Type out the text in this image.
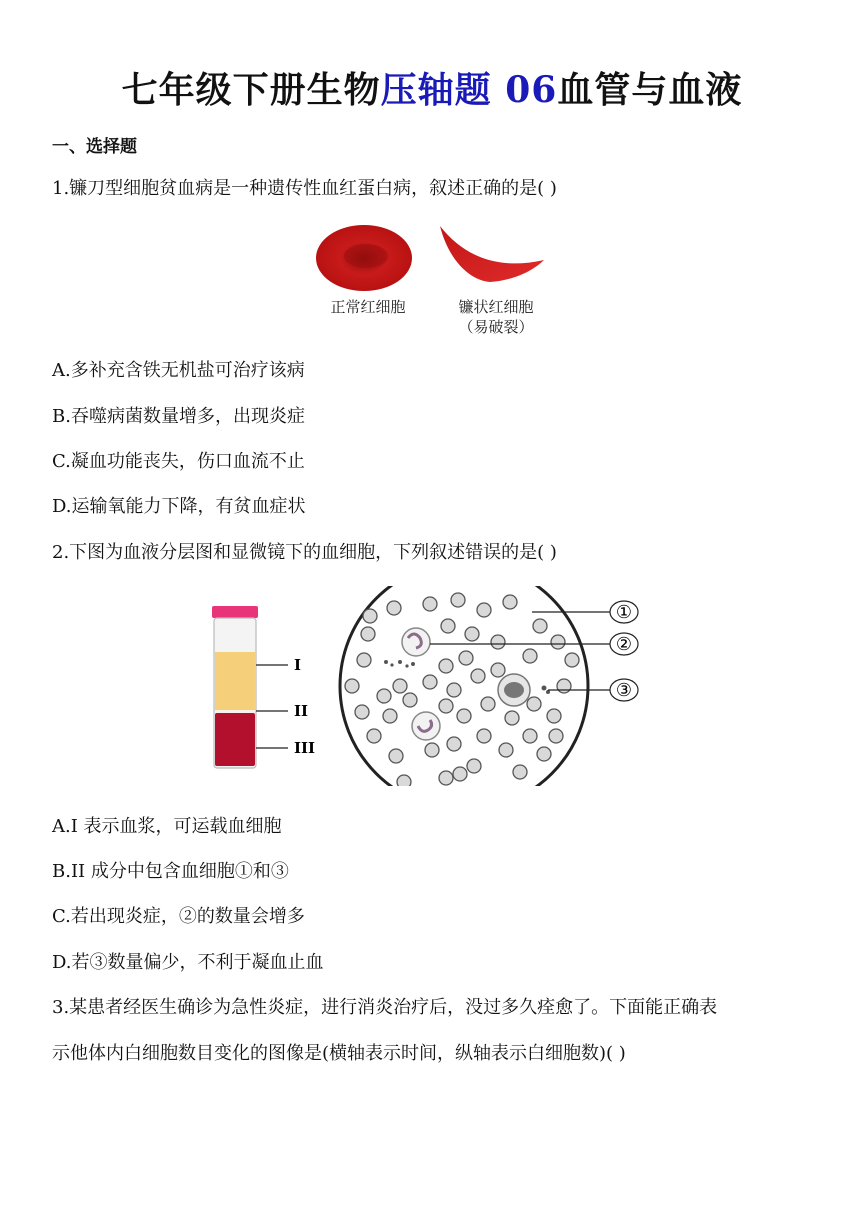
七年级下册生物压轴题 06血管与血液
一、选择题
1.镰刀型细胞贫血病是一种遗传性血红蛋白病，叙述正确的是( )
正常红细胞	镰状红细胞
（易破裂）
A.多补充含铁无机盐可治疗该病
B.吞噬病菌数量增多，出现炎症
C.凝血功能丧失，伤口血流不止
D.运输氧能力下降，有贫血症状
2.下图为血液分层图和显微镜下的血细胞，下列叙述错误的是( )
I
II
III
①
②
③
A.I 表示血浆，可运载血细胞
B.II 成分中包含血细胞①和③
C.若出现炎症，②的数量会增多
D.若③数量偏少，不利于凝血止血
3.某患者经医生确诊为急性炎症，进行消炎治疗后，没过多久痊愈了。下面能正确表
示他体内白细胞数目变化的图像是(横轴表示时间，纵轴表示白细胞数)( )
